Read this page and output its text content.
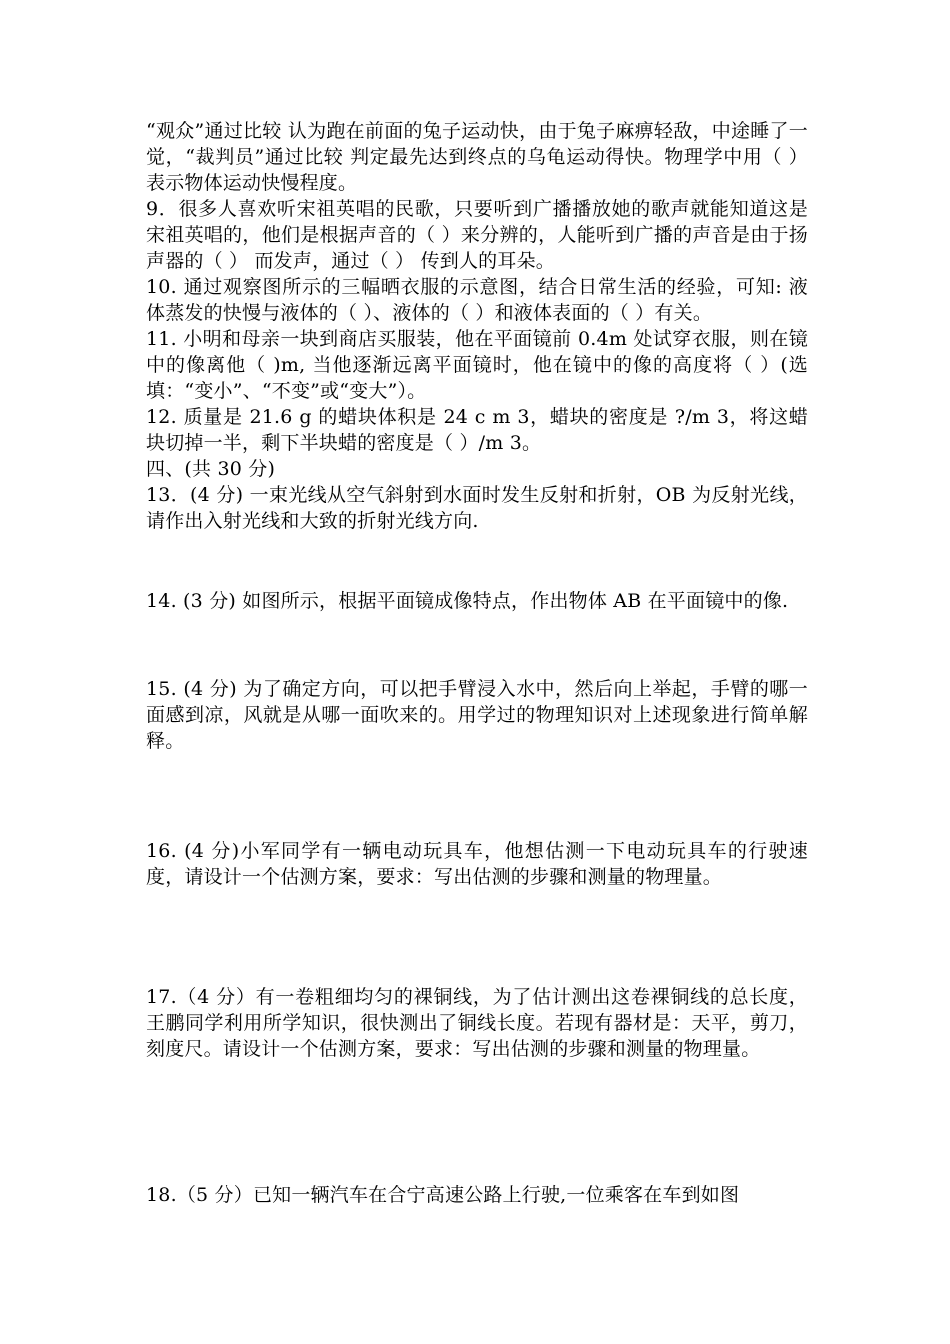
“观众”通过比较 认为跑在前面的兔子运动快，由于兔子麻痹轻敌，中途睡了一觉，“裁判员”通过比较 判定最先达到终点的乌龟运动得快。物理学中用（ ）表示物体运动快慢程度。

9．很多人喜欢听宋祖英唱的民歌，只要听到广播播放她的歌声就能知道这是宋祖英唱的，他们是根据声音的（ ）来分辨的，人能听到广播的声音是由于扬声器的（ ） 而发声，通过（ ） 传到人的耳朵。

10. 通过观察图所示的三幅晒衣服的示意图，结合日常生活的经验，可知: 液体蒸发的快慢与液体的（ ）、液体的（ ）和液体表面的（ ）有关。

11. 小明和母亲一块到商店买服装，他在平面镜前 0.4m 处试穿衣服，则在镜中的像离他（ )m, 当他逐渐远离平面镜时，他在镜中的像的高度将（ ）(选填：“变小”、“不变”或“变大”）。

12. 质量是 21.6 g 的蜡块体积是 24 c m 3，蜡块的密度是 ?/m 3，将这蜡块切掉一半，剩下半块蜡的密度是（ ）/m 3。

四、(共 30 分)

13．(4 分) 一束光线从空气斜射到水面时发生反射和折射，OB 为反射光线，请作出入射光线和大致的折射光线方向.

14. (3 分) 如图所示，根据平面镜成像特点，作出物体 AB 在平面镜中的像.

15. (4 分) 为了确定方向，可以把手臂浸入水中，然后向上举起，手臂的哪一面感到凉，风就是从哪一面吹来的。用学过的物理知识对上述现象进行简单解释。

16. (4 分)小军同学有一辆电动玩具车，他想估测一下电动玩具车的行驶速度，请设计一个估测方案，要求：写出估测的步骤和测量的物理量。

17.（4 分）有一卷粗细均匀的裸铜线，为了估计测出这卷裸铜线的总长度，王鹏同学利用所学知识，很快测出了铜线长度。若现有器材是：天平，剪刀，刻度尺。请设计一个估测方案，要求：写出估测的步骤和测量的物理量。

18.（5 分）已知一辆汽车在合宁高速公路上行驶,一位乘客在车到如图
